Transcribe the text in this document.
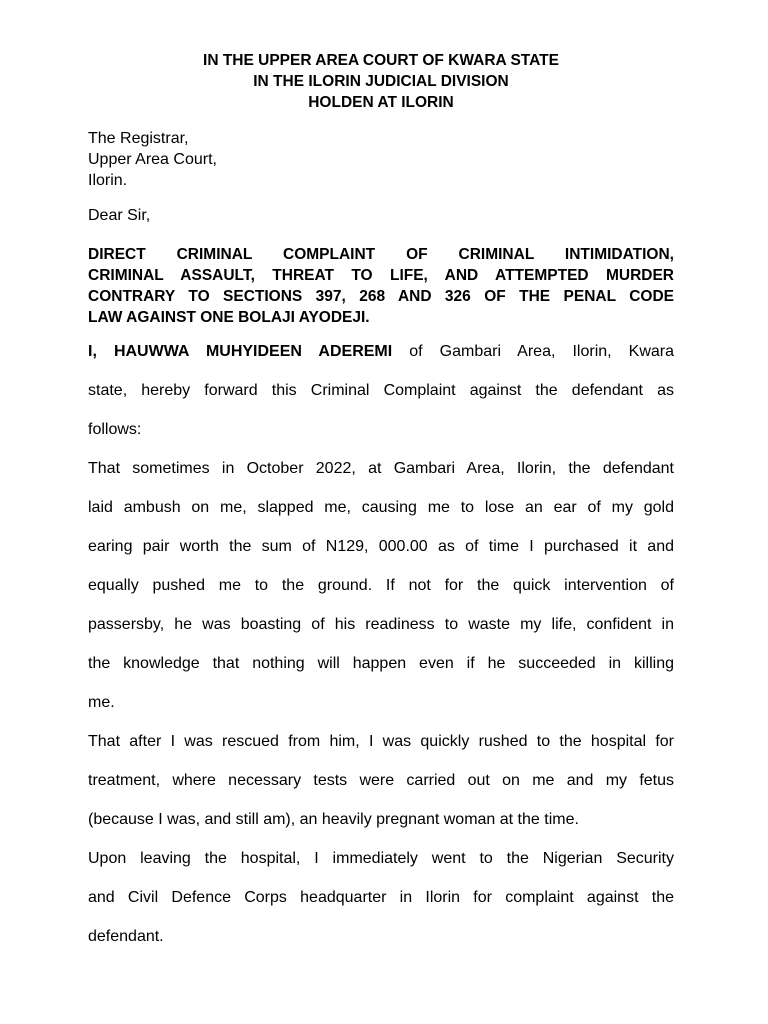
IN THE UPPER AREA COURT OF KWARA STATE
IN THE ILORIN JUDICIAL DIVISION
HOLDEN AT ILORIN
The Registrar,
Upper Area Court,
Ilorin.
Dear Sir,
DIRECT CRIMINAL COMPLAINT OF CRIMINAL INTIMIDATION,
CRIMINAL ASSAULT, THREAT TO LIFE, AND ATTEMPTED MURDER
CONTRARY TO SECTIONS 397, 268 AND 326 OF THE PENAL CODE
LAW AGAINST ONE BOLAJI AYODEJI.
I, HAUWWA MUHYIDEEN ADEREMI of Gambari Area, Ilorin, Kwara
state, hereby forward this Criminal Complaint against the defendant as
follows:
That sometimes in October 2022, at Gambari Area, Ilorin, the defendant
laid ambush on me, slapped me, causing me to lose an ear of my gold
earing pair worth the sum of N129, 000.00 as of time I purchased it and
equally pushed me to the ground. If not for the quick intervention of
passersby, he was boasting of his readiness to waste my life, confident in
the knowledge that nothing will happen even if he succeeded in killing
me.
That after I was rescued from him, I was quickly rushed to the hospital for
treatment, where necessary tests were carried out on me and my fetus
(because I was, and still am), an heavily pregnant woman at the time.
Upon leaving the hospital, I immediately went to the Nigerian Security
and Civil Defence Corps headquarter in Ilorin for complaint against the
defendant.
